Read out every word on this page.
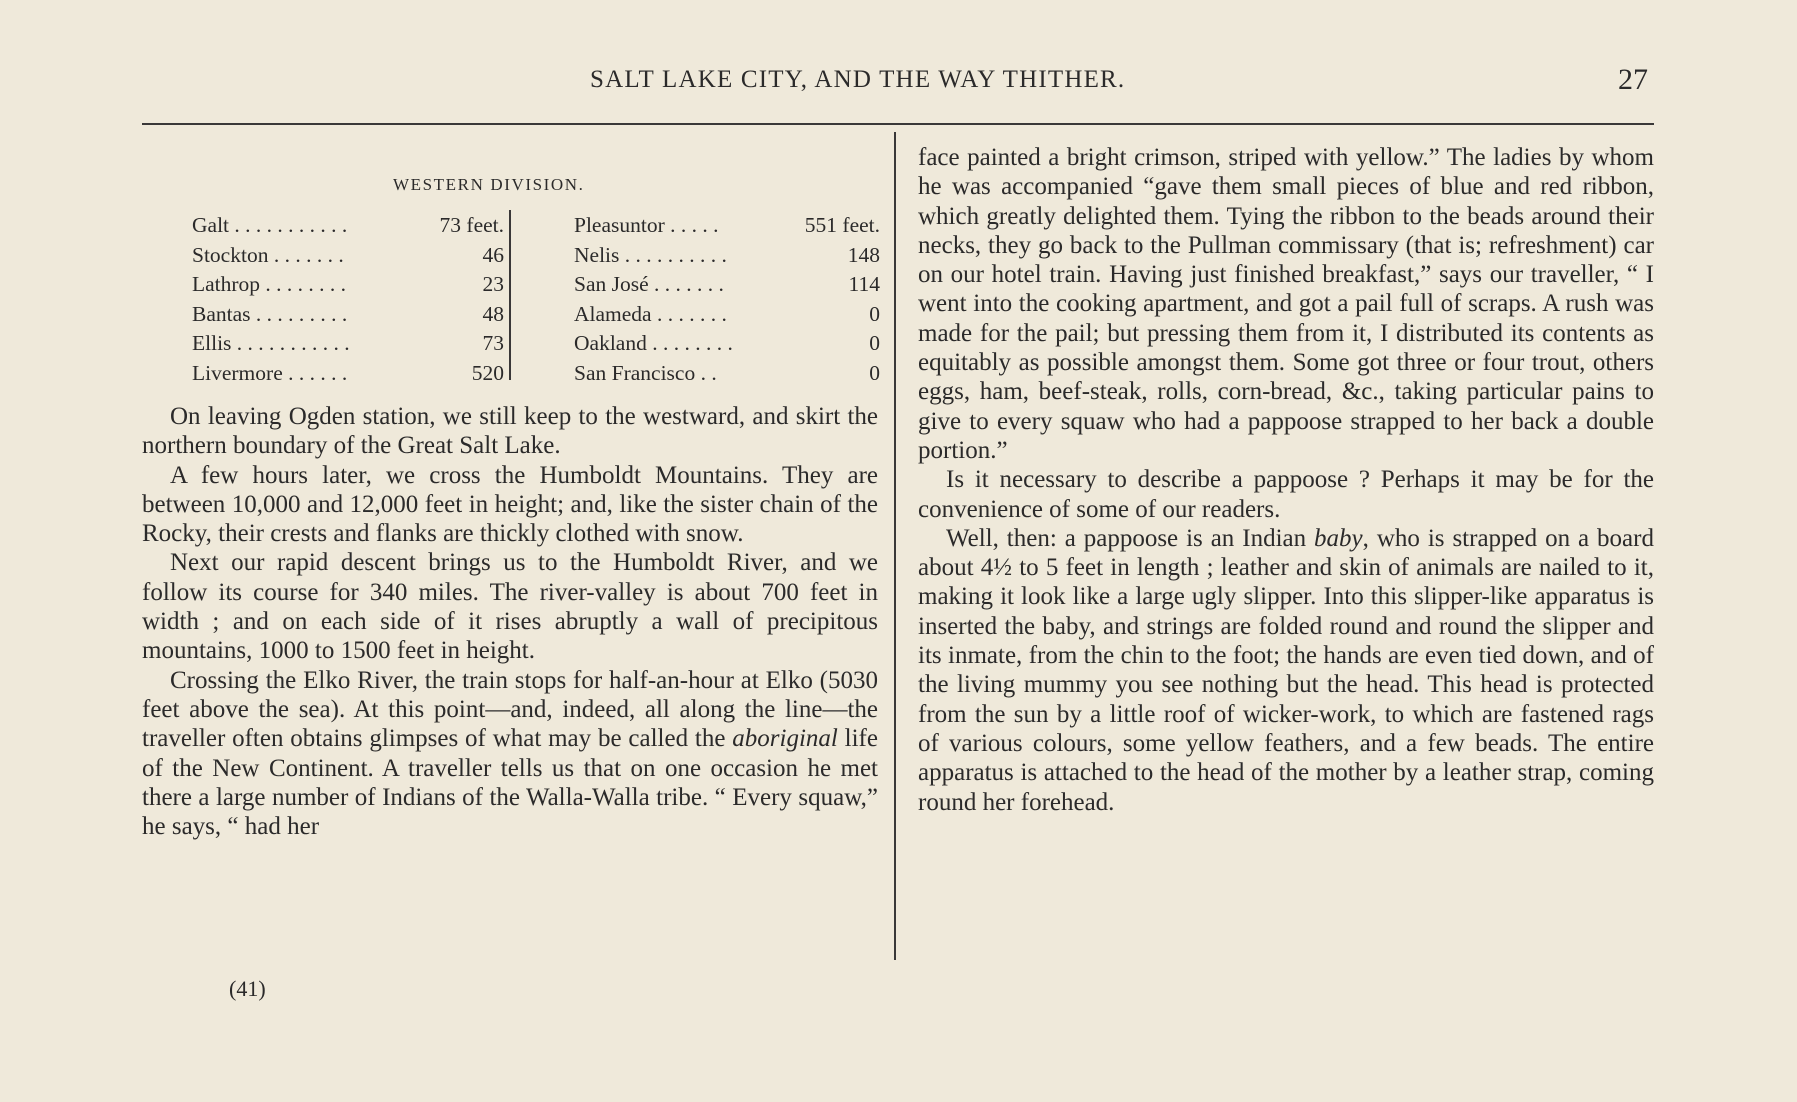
SALT LAKE CITY, AND THE WAY THITHER.	27
WESTERN DIVISION.
Galt . . . . . . . . . . .	73 feet.
Stockton . . . . . . .	46
Lathrop . . . . . . . .	23
Bantas . . . . . . . . .	48
Ellis . . . . . . . . . . .	73
Livermore . . . . . .	520
Pleasuntor . . . . .	551 feet.
Nelis . . . . . . . . . .	148
San José . . . . . . .	114
Alameda . . . . . . .	0
Oakland . . . . . . . .	0
San Francisco . .	0

On leaving Ogden station, we still keep to the westward, and skirt the northern boundary of the Great Salt Lake.

A few hours later, we cross the Humboldt Mountains. They are between 10,000 and 12,000 feet in height; and, like the sister chain of the Rocky, their crests and flanks are thickly clothed with snow.

Next our rapid descent brings us to the Humboldt River, and we follow its course for 340 miles. The river-valley is about 700 feet in width ; and on each side of it rises abruptly a wall of precipitous mountains, 1000 to 1500 feet in height.

Crossing the Elko River, the train stops for half-an-hour at Elko (5030 feet above the sea). At this point—and, indeed, all along the line—the traveller often obtains glimpses of what may be called the aboriginal life of the New Continent. A traveller tells us that on one occasion he met there a large number of Indians of the Walla-Walla tribe. “ Every squaw,” he says, “ had her

face painted a bright crimson, striped with yellow.” The ladies by whom he was accompanied “gave them small pieces of blue and red ribbon, which greatly delighted them. Tying the ribbon to the beads around their necks, they go back to the Pullman commissary (that is; refreshment) car on our hotel train. Having just finished breakfast,” says our traveller, “ I went into the cooking apartment, and got a pail full of scraps. A rush was made for the pail; but pressing them from it, I distributed its contents as equitably as possible amongst them. Some got three or four trout, others eggs, ham, beef-steak, rolls, corn-bread, &c., taking particular pains to give to every squaw who had a pappoose strapped to her back a double portion.”

Is it necessary to describe a pappoose ? Perhaps it may be for the convenience of some of our readers.

Well, then: a pappoose is an Indian baby, who is strapped on a board about 4½ to 5 feet in length ; leather and skin of animals are nailed to it, making it look like a large ugly slipper. Into this slipper-like apparatus is inserted the baby, and strings are folded round and round the slipper and its inmate, from the chin to the foot; the hands are even tied down, and of the living mummy you see nothing but the head. This head is protected from the sun by a little roof of wicker-work, to which are fastened rags of various colours, some yellow feathers, and a few beads. The entire apparatus is attached to the head of the mother by a leather strap, coming round her forehead.

(41)
